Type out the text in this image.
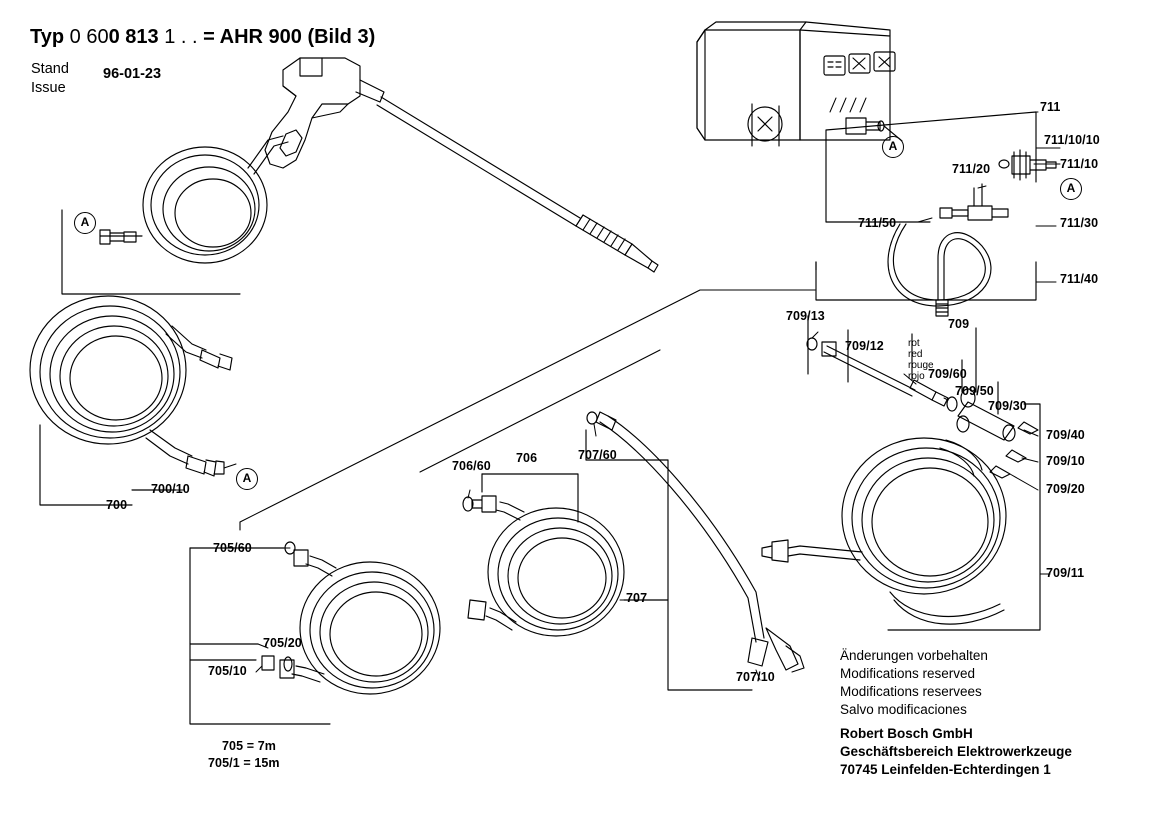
Typ 0 600 813 1 . . = AHR 900 (Bild 3)
Stand
Issue
96-01-23
A
A
A
A
711
711/10/10
711/10
711/20
711/30
711/40
711/50
709
709/13
709/12
709/60
709/50
709/30
709/40
709/10
709/20
709/11
700/10
700
706/60
706	707/60
707
707/10
705/60
705/20
705/10
705 = 7m
705/1 = 15m
rot
red
rouge
rojo
Änderungen vorbehalten
Modifications reserved
Modifications reservees
Salvo modificaciones
Robert Bosch GmbH
Geschäftsbereich Elektrowerkzeuge
70745 Leinfelden-Echterdingen 1
